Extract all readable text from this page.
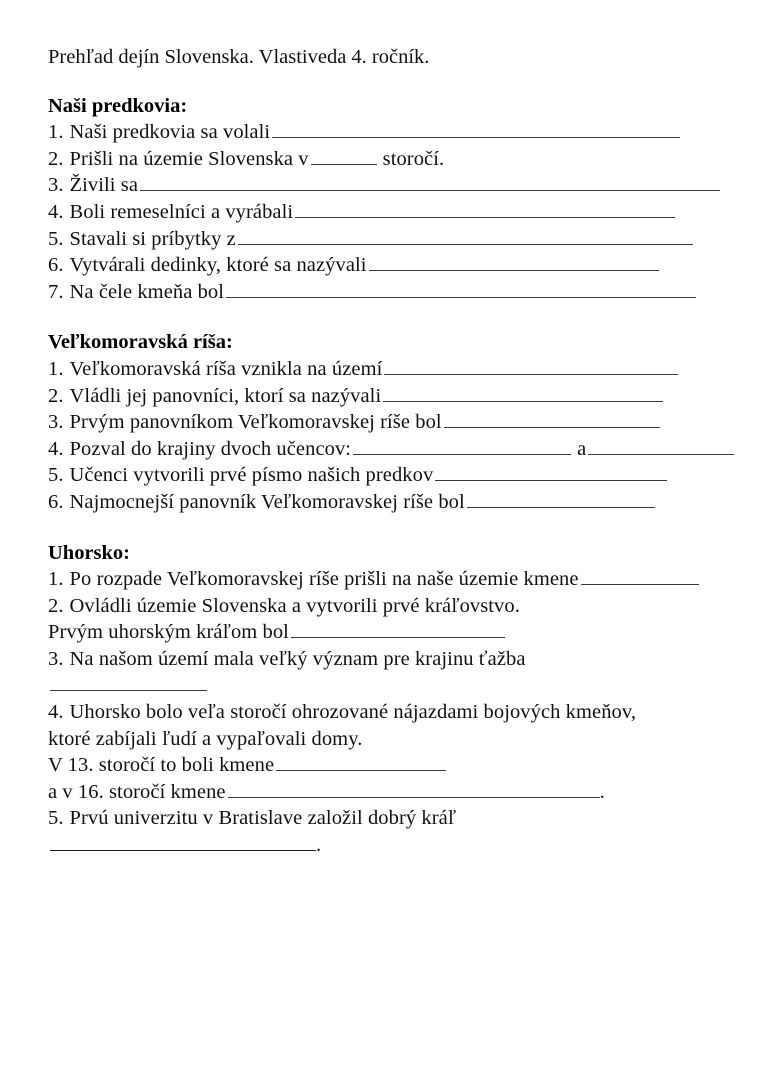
Prehľad dejín Slovenska. Vlastiveda 4. ročník.
Naši predkovia:
1. Naši predkovia sa volali
2. Prišli na územie Slovenska v	storočí.
3. Živili sa
4. Boli remeselníci a vyrábali
5. Stavali si príbytky z
6. Vytvárali dedinky, ktoré sa nazývali
7. Na čele kmeňa bol
Veľkomoravská ríša:
1. Veľkomoravská ríša vznikla na území
2. Vládli jej panovníci, ktorí sa nazývali
3. Prvým panovníkom Veľkomoravskej ríše bol
4. Pozval do krajiny dvoch učencov:	a
5. Učenci vytvorili prvé písmo našich predkov
6. Najmocnejší panovník Veľkomoravskej ríše bol
Uhorsko:
1. Po rozpade Veľkomoravskej ríše prišli na naše územie kmene
2. Ovládli územie Slovenska a vytvorili prvé kráľovstvo.
Prvým uhorským kráľom bol
3. Na našom území mala veľký význam pre krajinu ťažba
4. Uhorsko bolo veľa storočí ohrozované nájazdami bojových kmeňov,
ktoré zabíjali ľudí a vypaľovali domy.
V 13. storočí to boli kmene
a v 16. storočí kmene	.
5. Prvú univerzitu v Bratislave založil dobrý kráľ
.
